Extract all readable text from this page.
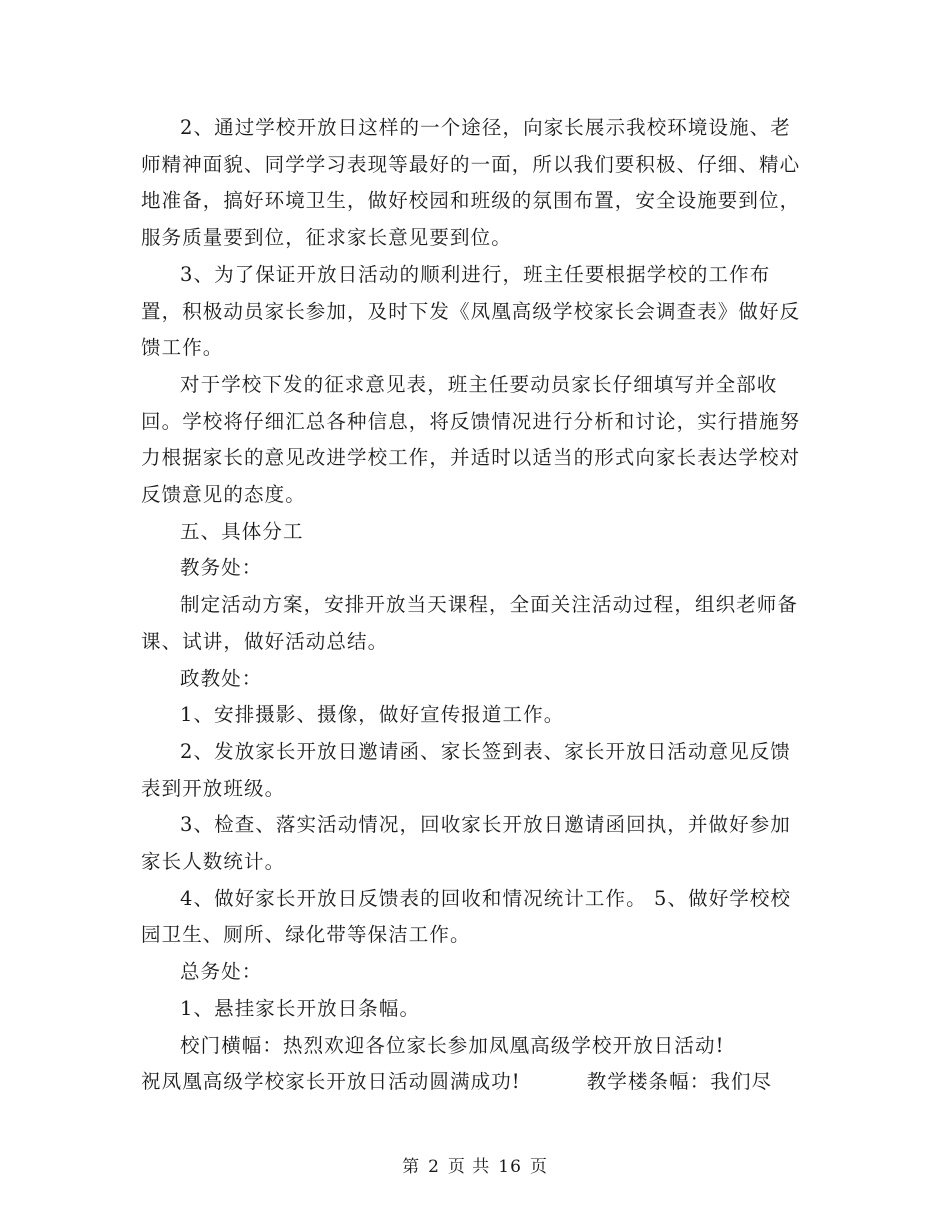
2、通过学校开放日这样的一个途径，向家长展示我校环境设施、老师精神面貌、同学学习表现等最好的一面，所以我们要积极、仔细、精心地准备，搞好环境卫生，做好校园和班级的氛围布置，安全设施要到位，服务质量要到位，征求家长意见要到位。

3、为了保证开放日活动的顺利进行，班主任要根据学校的工作布置，积极动员家长参加，及时下发《凤凰高级学校家长会调查表》做好反馈工作。

对于学校下发的征求意见表，班主任要动员家长仔细填写并全部收回。学校将仔细汇总各种信息，将反馈情况进行分析和讨论，实行措施努力根据家长的意见改进学校工作，并适时以适当的形式向家长表达学校对反馈意见的态度。

五、具体分工

教务处：

制定活动方案，安排开放当天课程，全面关注活动过程，组织老师备课、试讲，做好活动总结。

政教处：

1、安排摄影、摄像，做好宣传报道工作。

2、发放家长开放日邀请函、家长签到表、家长开放日活动意见反馈表到开放班级。

3、检查、落实活动情况，回收家长开放日邀请函回执，并做好参加家长人数统计。

4、做好家长开放日反馈表的回收和情况统计工作。 5、做好学校校园卫生、厕所、绿化带等保洁工作。

总务处：

1、悬挂家长开放日条幅。

校门横幅：热烈欢迎各位家长参加凤凰高级学校开放日活动!

祝凤凰高级学校家长开放日活动圆满成功!	教学楼条幅：我们尽

第 2 页 共 16 页
